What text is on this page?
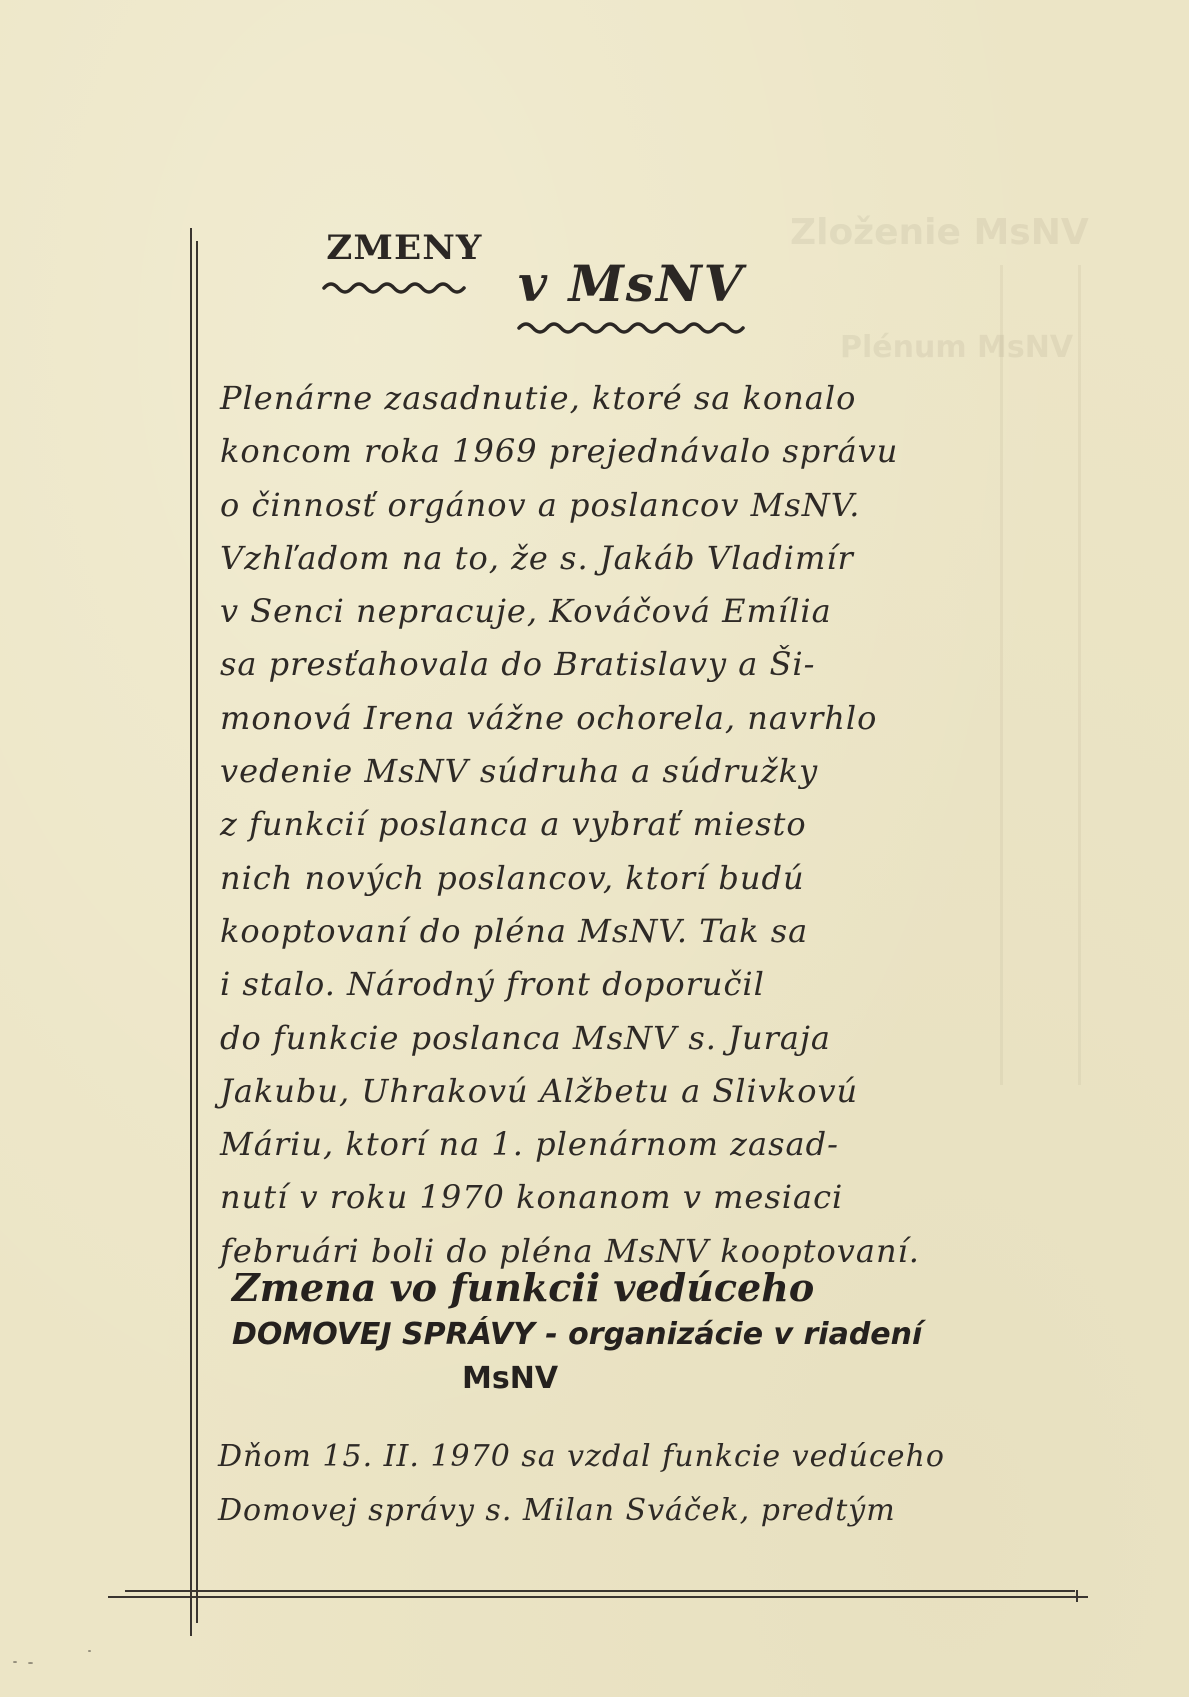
ZMENY
v MsNV
Plenárne zasadnutie, ktoré sa konalo
koncom roka 1969 prejednávalo správu
o činnosť orgánov a poslancov MsNV.
Vzhľadom na to, že s. Jakáb Vladimír
v Senci nepracuje, Kováčová Emília
sa presťahovala do Bratislavy a Ši-
monová Irena vážne ochorela, navrhlo
vedenie MsNV súdruha a súdružky
z funkcií poslanca a vybrať miesto
nich nových poslancov, ktorí budú
kooptovaní do pléna MsNV. Tak sa
i stalo. Národný front doporučil
do funkcie poslanca MsNV s. Juraja
Jakubu, Uhrakovú Alžbetu a Slivkovú
Máriu, ktorí na 1. plenárnom zasad-
nutí v roku 1970 konanom v mesiaci
februári boli do pléna MsNV kooptovaní.
Zmena vo funkcii vedúceho
DOMOVEJ SPRÁVY - organizácie v riadení
MsNV
Dňom 15. II. 1970 sa vzdal funkcie vedúceho
Domovej správy s. Milan Sváček, predtým
